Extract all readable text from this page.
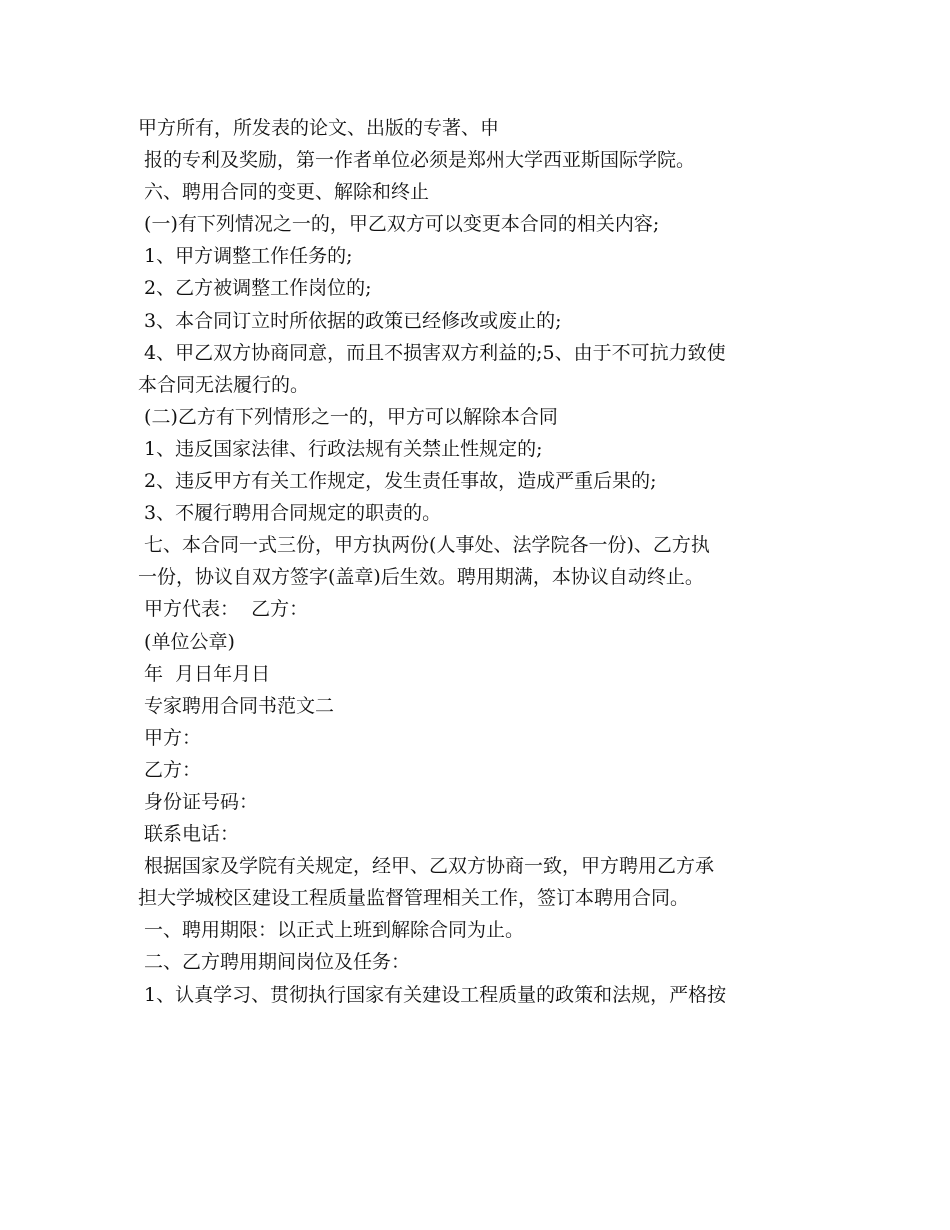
甲方所有，所发表的论文、出版的专著、申
报的专利及奖励，第一作者单位必须是郑州大学西亚斯国际学院。
六、聘用合同的变更、解除和终止
(一)有下列情况之一的，甲乙双方可以变更本合同的相关内容;
1、甲方调整工作任务的;
2、乙方被调整工作岗位的;
3、本合同订立时所依据的政策已经修改或废止的;
4、甲乙双方协商同意，而且不损害双方利益的;5、由于不可抗力致使
本合同无法履行的。
(二)乙方有下列情形之一的，甲方可以解除本合同
1、违反国家法律、行政法规有关禁止性规定的;
2、违反甲方有关工作规定，发生责任事故，造成严重后果的;
3、不履行聘用合同规定的职责的。
七、本合同一式三份，甲方执两份(人事处、法学院各一份)、乙方执
一份，协议自双方签字(盖章)后生效。聘用期满，本协议自动终止。
甲方代表：  乙方：
(单位公章)
年  月日年月日
专家聘用合同书范文二
甲方：
乙方：
身份证号码：
联系电话：
根据国家及学院有关规定，经甲、乙双方协商一致，甲方聘用乙方承
担大学城校区建设工程质量监督管理相关工作，签订本聘用合同。
一、聘用期限：以正式上班到解除合同为止。
二、乙方聘用期间岗位及任务：
1、认真学习、贯彻执行国家有关建设工程质量的政策和法规，严格按
